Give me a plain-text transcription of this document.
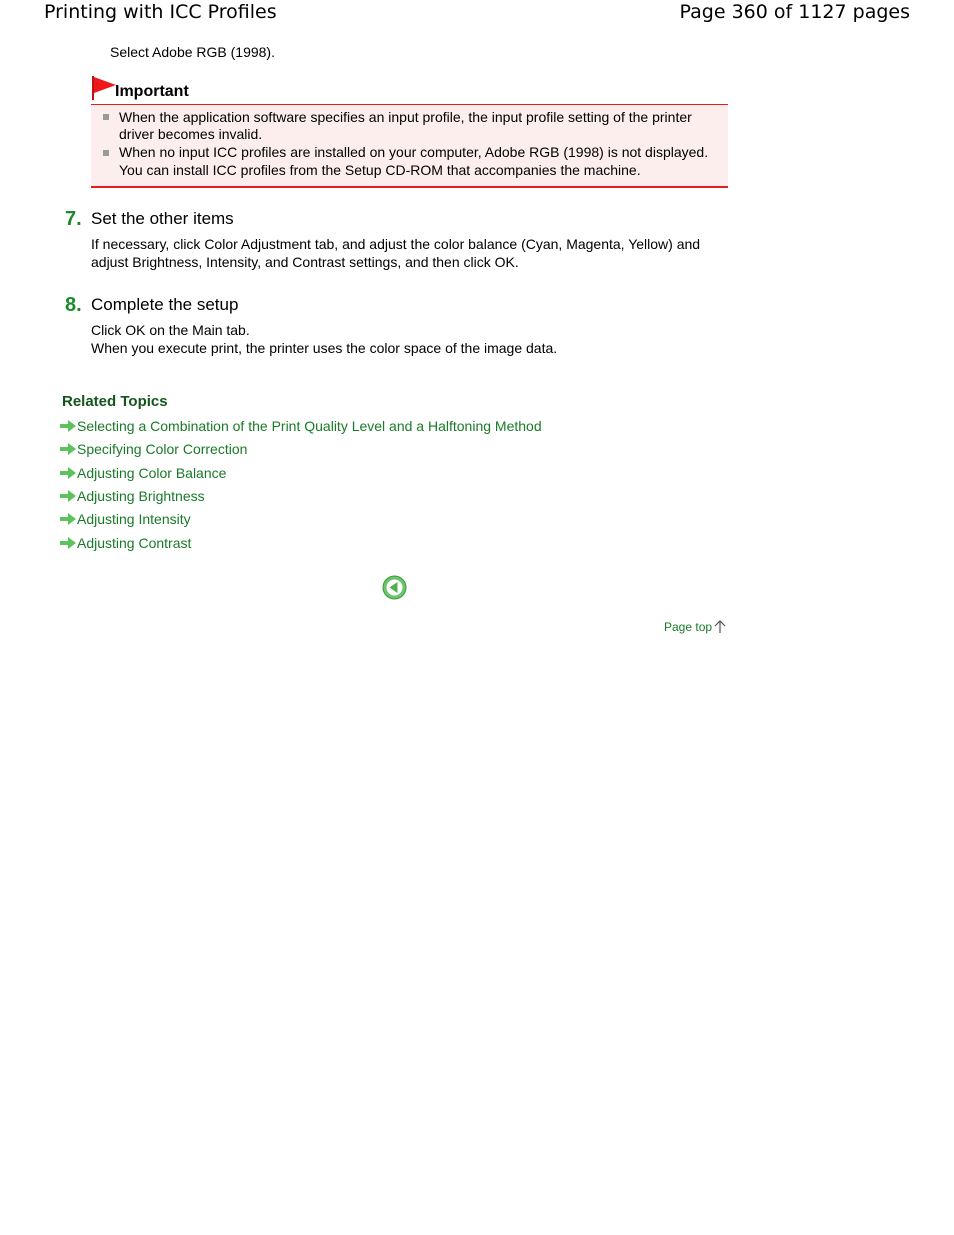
Printing with ICC Profiles	Page 360 of 1127 pages
Select Adobe RGB (1998).
Important
When the application software specifies an input profile, the input profile setting of the printer
driver becomes invalid.
When no input ICC profiles are installed on your computer, Adobe RGB (1998) is not displayed.
You can install ICC profiles from the Setup CD-ROM that accompanies the machine.
7. Set the other items
If necessary, click Color Adjustment tab, and adjust the color balance (Cyan, Magenta, Yellow) and
adjust Brightness, Intensity, and Contrast settings, and then click OK.
8. Complete the setup
Click OK on the Main tab.
When you execute print, the printer uses the color space of the image data.
Related Topics
Selecting a Combination of the Print Quality Level and a Halftoning Method
Specifying Color Correction
Adjusting Color Balance
Adjusting Brightness
Adjusting Intensity
Adjusting Contrast
Page top
